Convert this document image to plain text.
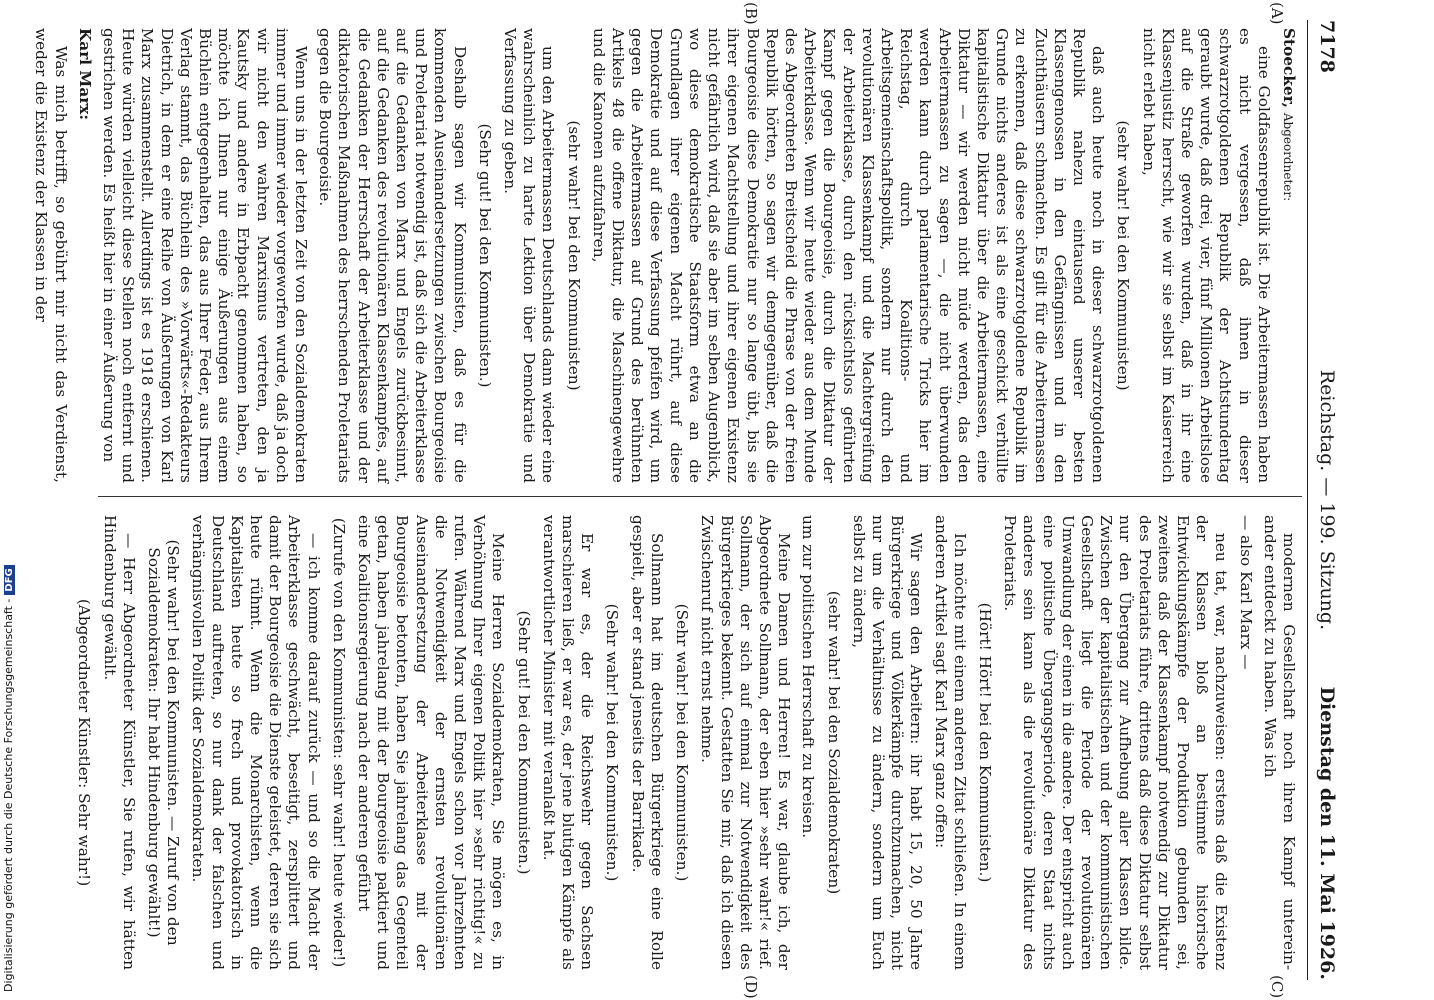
7178
Reichstag. — 199. Sitzung.
Dienstag den 11. Mai 1926.
(A)
(B)
(C)
(D)

Stoecker, Abgeordneter:

eine Goldfassenrepublik ist. Die Arbeitermassen haben es nicht vergessen, daß ihnen in dieser schwarzrotgoldenen Republik der Achtstundentag geraubt wurde, daß drei, vier, fünf Millionen Arbeitslose auf die Straße geworfen wurden, daß in ihr eine Klassenjustiz herrscht, wie wir sie selbst im Kaiserreich nicht erlebt haben,

(sehr wahr! bei den Kommunisten)

daß auch heute noch in dieser schwarzrotgoldenen Republik nahezu eintausend unserer besten Klassengenossen in den Gefängnissen und in den Zuchthäusern schmachten. Es gilt für die Arbeitermassen zu erkennen, daß diese schwarzrotgoldene Republik im Grunde nichts anderes ist als eine geschickt verhüllte kapitalistische Diktatur über die Arbeitermassen, eine Diktatur — wir werden nicht müde werden, das den Arbeitermassen zu sagen —, die nicht überwunden werden kann durch parlamentarische Tricks hier im Reichstag, durch Koalitions- und Arbeitsgemeinschaftspolitik, sondern nur durch den revolutionären Klassenkampf und die Machtergreifung der Arbeiterklasse, durch den rücksichtslos geführten Kampf gegen die Bourgeoisie, durch die Diktatur der Arbeiterklasse. Wenn wir heute wieder aus dem Munde des Abgeordneten Breitscheid die Phrase von der freien Republik hörten, so sagen wir demgegenüber, daß die Bourgeoisie diese Demokratie nur so lange übt, bis sie ihrer eigenen Machtstellung und ihrer eigenen Existenz nicht gefährlich wird, daß sie aber im selben Augenblick, wo diese demokratische Staatsform etwa an die Grundlagen ihrer eigenen Macht rührt, auf diese Demokratie und auf diese Verfassung pfeifen wird, um gegen die Arbeitermassen auf Grund des berühmten Artikels 48 die offene Diktatur, die Maschinengewehre und die Kanonen aufzufahren,

(sehr wahr! bei den Kommunisten)

um den Arbeitermassen Deutschlands dann wieder eine wahrscheinlich zu harte Lektion über Demokratie und Verfassung zu geben.

(Sehr gut! bei den Kommunisten.)

Deshalb sagen wir Kommunisten, daß es für die kommenden Auseinandersetzungen zwischen Bourgeoisie und Proletariat notwendig ist, daß sich die Arbeiterklasse auf die Gedanken von Marx und Engels zurückbesinnt, auf die Gedanken des revolutionären Klassenkampfes, auf die Gedanken der Herrschaft der Arbeiterklasse und der diktatorischen Maßnahmen des herrschenden Proletariats gegen die Bourgeoisie.

Wenn uns in der letzten Zeit von den Sozialdemokraten immer und immer wieder vorgeworfen wurde, daß ja doch wir nicht den wahren Marxismus vertreten, den ja Kautsky und andere in Erbpacht genommen haben, so möchte ich Ihnen nur einige Äußerungen aus einem Büchlein entgegenhalten, das aus Ihrer Feder, aus Ihrem Verlag stammt, das Büchlein des »Vorwärts«-Redakteurs Dietrich, in dem er eine Reihe von Äußerungen von Karl Marx zusammenstellt. Allerdings ist es 1918 erschienen. Heute würden vielleicht diese Stellen noch entfernt und gestrichen werden. Es heißt hier in einer Äußerung von

Karl Marx:

Was mich betrifft, so gebührt mir nicht das Verdienst, weder die Existenz der Klassen in der

modernen Gesellschaft noch ihren Kampf unterein- ander entdeckt zu haben. Was ich

— also Karl Marx —

neu tat, war, nachzuweisen: erstens daß die Existenz der Klassen bloß an bestimmte historische Entwicklungskämpfe der Produktion gebunden sei, zweitens daß der Klassenkampf notwendig zur Diktatur des Proletariats führe, drittens daß diese Diktatur selbst nur den Übergang zur Aufhebung aller Klassen bilde. Zwischen der kapitalistischen und der kommunistischen Gesellschaft liegt die Periode der revolutionären Umwandlung der einen in die andere. Der entspricht auch eine politische Übergangsperiode, deren Staat nichts anderes sein kann als die revolutionäre Diktatur des Proletariats.

(Hört! Hört! bei den Kommunisten.)

Ich möchte mit einem anderen Zitat schließen. In einem anderen Artikel sagt Karl Marx ganz offen:

Wir sagen den Arbeitern: ihr habt 15, 20, 50 Jahre Bürgerkriege und Völkerkämpfe durchzumachen, nicht nur um die Verhältnisse zu ändern, sondern um Euch selbst zu ändern,

(sehr wahr! bei den Sozialdemokraten)

um zur politischen Herrschaft zu kreisen.

Meine Damen und Herren! Es war, glaube ich, der Abgeordnete Sollmann, der eben hier »sehr wahr!« rief. Sollmann, der sich auf einmal zur Notwendigkeit des Bürgerkrieges bekennt. Gestatten Sie mir, daß ich diesen Zwischenruf nicht ernst nehme.

(Sehr wahr! bei den Kommunisten.)

Sollmann hat im deutschen Bürgerkriege eine Rolle gespielt, aber er stand jenseits der Barrikade.

(Sehr wahr! bei den Kommunisten.)

Er war es, der die Reichswehr gegen Sachsen marschieren ließ, er war es, der jene blutigen Kämpfe als verantwortlicher Minister mit veranlaßt hat.

(Sehr gut! bei den Kommunisten.)

Meine Herren Sozialdemokraten, Sie mögen es, in Verhöhnung Ihrer eigenen Politik hier »sehr richtig!« zu rufen. Während Marx und Engels schon vor Jahrzehnten die Notwendigkeit der ernsten revolutionären Auseinandersetzung der Arbeiterklasse mit der Bourgeoisie betonten, haben Sie jahrelang das Gegenteil getan, haben jahrelang mit der Bourgeoisie paktiert und eine Koalitionsregierung nach der anderen geführt

(Zurufe von den Kommunisten: sehr wahr! heute wieder!)

— ich komme darauf zurück — und so die Macht der Arbeiterklasse geschwächt, beseitigt, zersplittert und damit der Bourgeoisie die Dienste geleistet, deren sie sich heute rühmt. Wenn die Monarchisten, wenn die Kapitalisten heute so frech und provokatorisch in Deutschland auftreten, so nur dank der falschen und verhängnisvollen Politik der Sozialdemokraten.

(Sehr wahr! bei den Kommunisten. — Zuruf von den Sozialdemokraten: Ihr habt Hindenburg gewählt!)

— Herr Abgeordneter Künstler, Sie rufen, wir hätten Hindenburg gewählt.

(Abgeordneter Künstler: Sehr wahr!)

Digitalisierung gefördert durch die Deutsche Forschungsgemeinschaft -DFG
